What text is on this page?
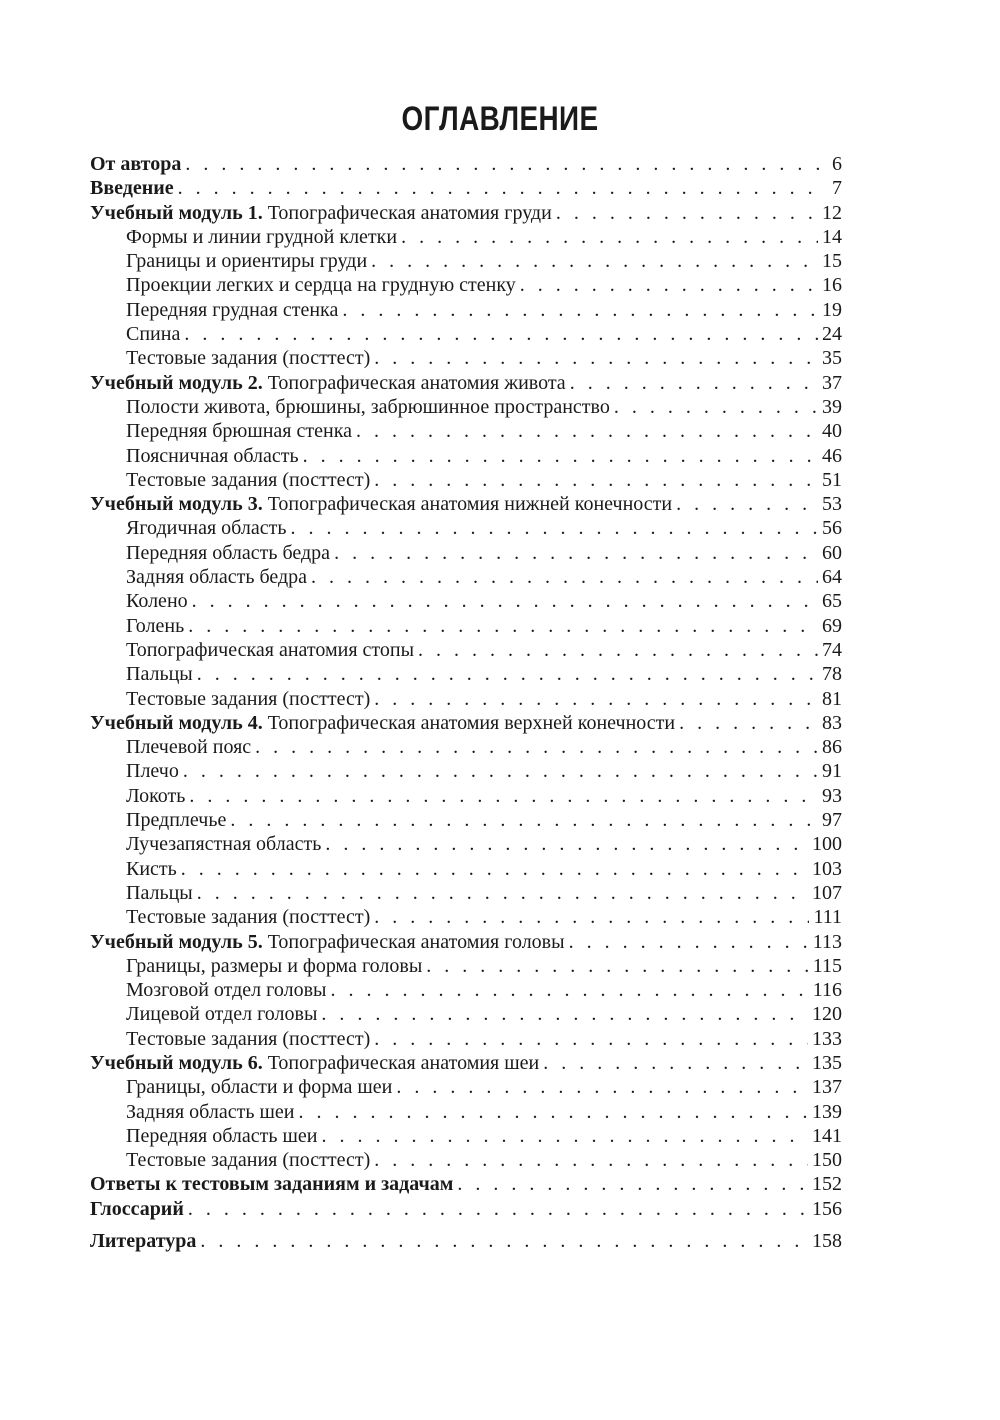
ОГЛАВЛЕНИЕ
От автора . . .	6
Введение . . .	7
Учебный модуль 1. Топографическая анатомия груди . . .	12
Формы и линии грудной клетки . . .	14
Границы и ориентиры груди . . .	15
Проекции легких и сердца на грудную стенку . . .	16
Передняя грудная стенка . . .	19
Спина . . .	24
Тестовые задания (посттест) . . .	35
Учебный модуль 2. Топографическая анатомия живота . . .	37
Полости живота, брюшины, забрюшинное пространство . . .	39
Передняя брюшная стенка . . .	40
Поясничная область . . .	46
Тестовые задания (посттест) . . .	51
Учебный модуль 3. Топографическая анатомия нижней конечности . . .	53
Ягодичная область . . .	56
Передняя область бедра . . .	60
Задняя область бедра . . .	64
Колено . . .	65
Голень . . .	69
Топографическая анатомия стопы . . .	74
Пальцы . . .	78
Тестовые задания (посттест) . . .	81
Учебный модуль 4. Топографическая анатомия верхней конечности . . .	83
Плечевой пояс . . .	86
Плечо . . .	91
Локоть . . .	93
Предплечье . . .	97
Лучезапястная область . . .	100
Кисть . . .	103
Пальцы . . .	107
Тестовые задания (посттест) . . .	111
Учебный модуль 5. Топографическая анатомия головы . . .	113
Границы, размеры и форма головы . . .	115
Мозговой отдел головы . . .	116
Лицевой отдел головы . . .	120
Тестовые задания (посттест) . . .	133
Учебный модуль 6. Топографическая анатомия шеи . . .	135
Границы, области и форма шеи . . .	137
Задняя область шеи . . .	139
Передняя область шеи . . .	141
Тестовые задания (посттест) . . .	150
Ответы к тестовым заданиям и задачам . . .	152
Глоссарий . . .	156
Литература . . .	158
